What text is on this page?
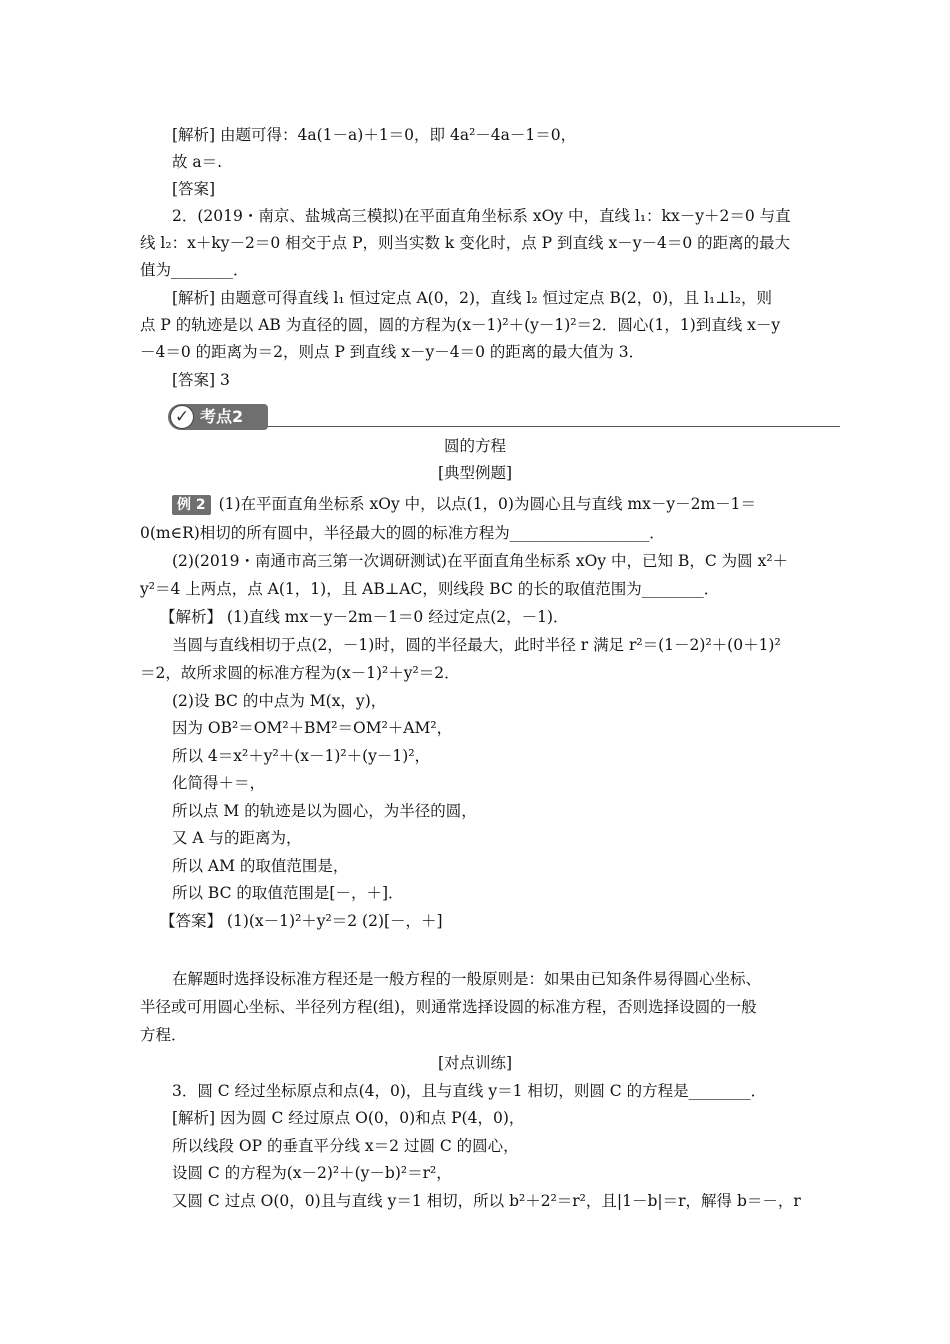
[解析] 由题可得：4a(1－a)＋1＝0，即 4a²－4a－1＝0，
故 a＝.
[答案]
2．(2019・南京、盐城高三模拟)在平面直角坐标系 xOy 中，直线 l₁：kx－y＋2＝0 与直
线 l₂：x＋ky－2＝0 相交于点 P，则当实数 k 变化时，点 P 到直线 x－y－4＝0 的距离的最大
值为________．
[解析] 由题意可得直线 l₁ 恒过定点 A(0，2)，直线 l₂ 恒过定点 B(2，0)，且 l₁⊥l₂，则
点 P 的轨迹是以 AB 为直径的圆，圆的方程为(x－1)²＋(y－1)²＝2．圆心(1，1)到直线 x－y
－4＝0 的距离为＝2，则点 P 到直线 x－y－4＝0 的距离的最大值为 3．
[答案] 3
✓ 考点2
圆的方程
[典型例题]
例 2 (1)在平面直角坐标系 xOy 中，以点(1，0)为圆心且与直线 mx－y－2m－1＝
0(m∈R)相切的所有圆中，半径最大的圆的标准方程为__________________．
(2)(2019・南通市高三第一次调研测试)在平面直角坐标系 xOy 中，已知 B，C 为圆 x²＋
y²＝4 上两点，点 A(1，1)，且 AB⊥AC，则线段 BC 的长的取值范围为________．
【解析】 (1)直线 mx－y－2m－1＝0 经过定点(2，－1)．
当圆与直线相切于点(2，－1)时，圆的半径最大，此时半径 r 满足 r²＝(1－2)²＋(0＋1)²
＝2，故所求圆的标准方程为(x－1)²＋y²＝2．
(2)设 BC 的中点为 M(x，y)，
因为 OB²＝OM²＋BM²＝OM²＋AM²，
所以 4＝x²＋y²＋(x－1)²＋(y－1)²，
化简得＋＝，
所以点 M 的轨迹是以为圆心，为半径的圆，
又 A 与的距离为，
所以 AM 的取值范围是，
所以 BC 的取值范围是[－，＋]．
【答案】 (1)(x－1)²＋y²＝2 (2)[－，＋]
在解题时选择设标准方程还是一般方程的一般原则是：如果由已知条件易得圆心坐标、
半径或可用圆心坐标、半径列方程(组)，则通常选择设圆的标准方程，否则选择设圆的一般
方程．
[对点训练]
3．圆 C 经过坐标原点和点(4，0)，且与直线 y＝1 相切，则圆 C 的方程是________．
[解析] 因为圆 C 经过原点 O(0，0)和点 P(4，0)，
所以线段 OP 的垂直平分线 x＝2 过圆 C 的圆心，
设圆 C 的方程为(x－2)²＋(y－b)²＝r²，
又圆 C 过点 O(0，0)且与直线 y＝1 相切，所以 b²＋2²＝r²，且|1－b|＝r，解得 b＝－，r
